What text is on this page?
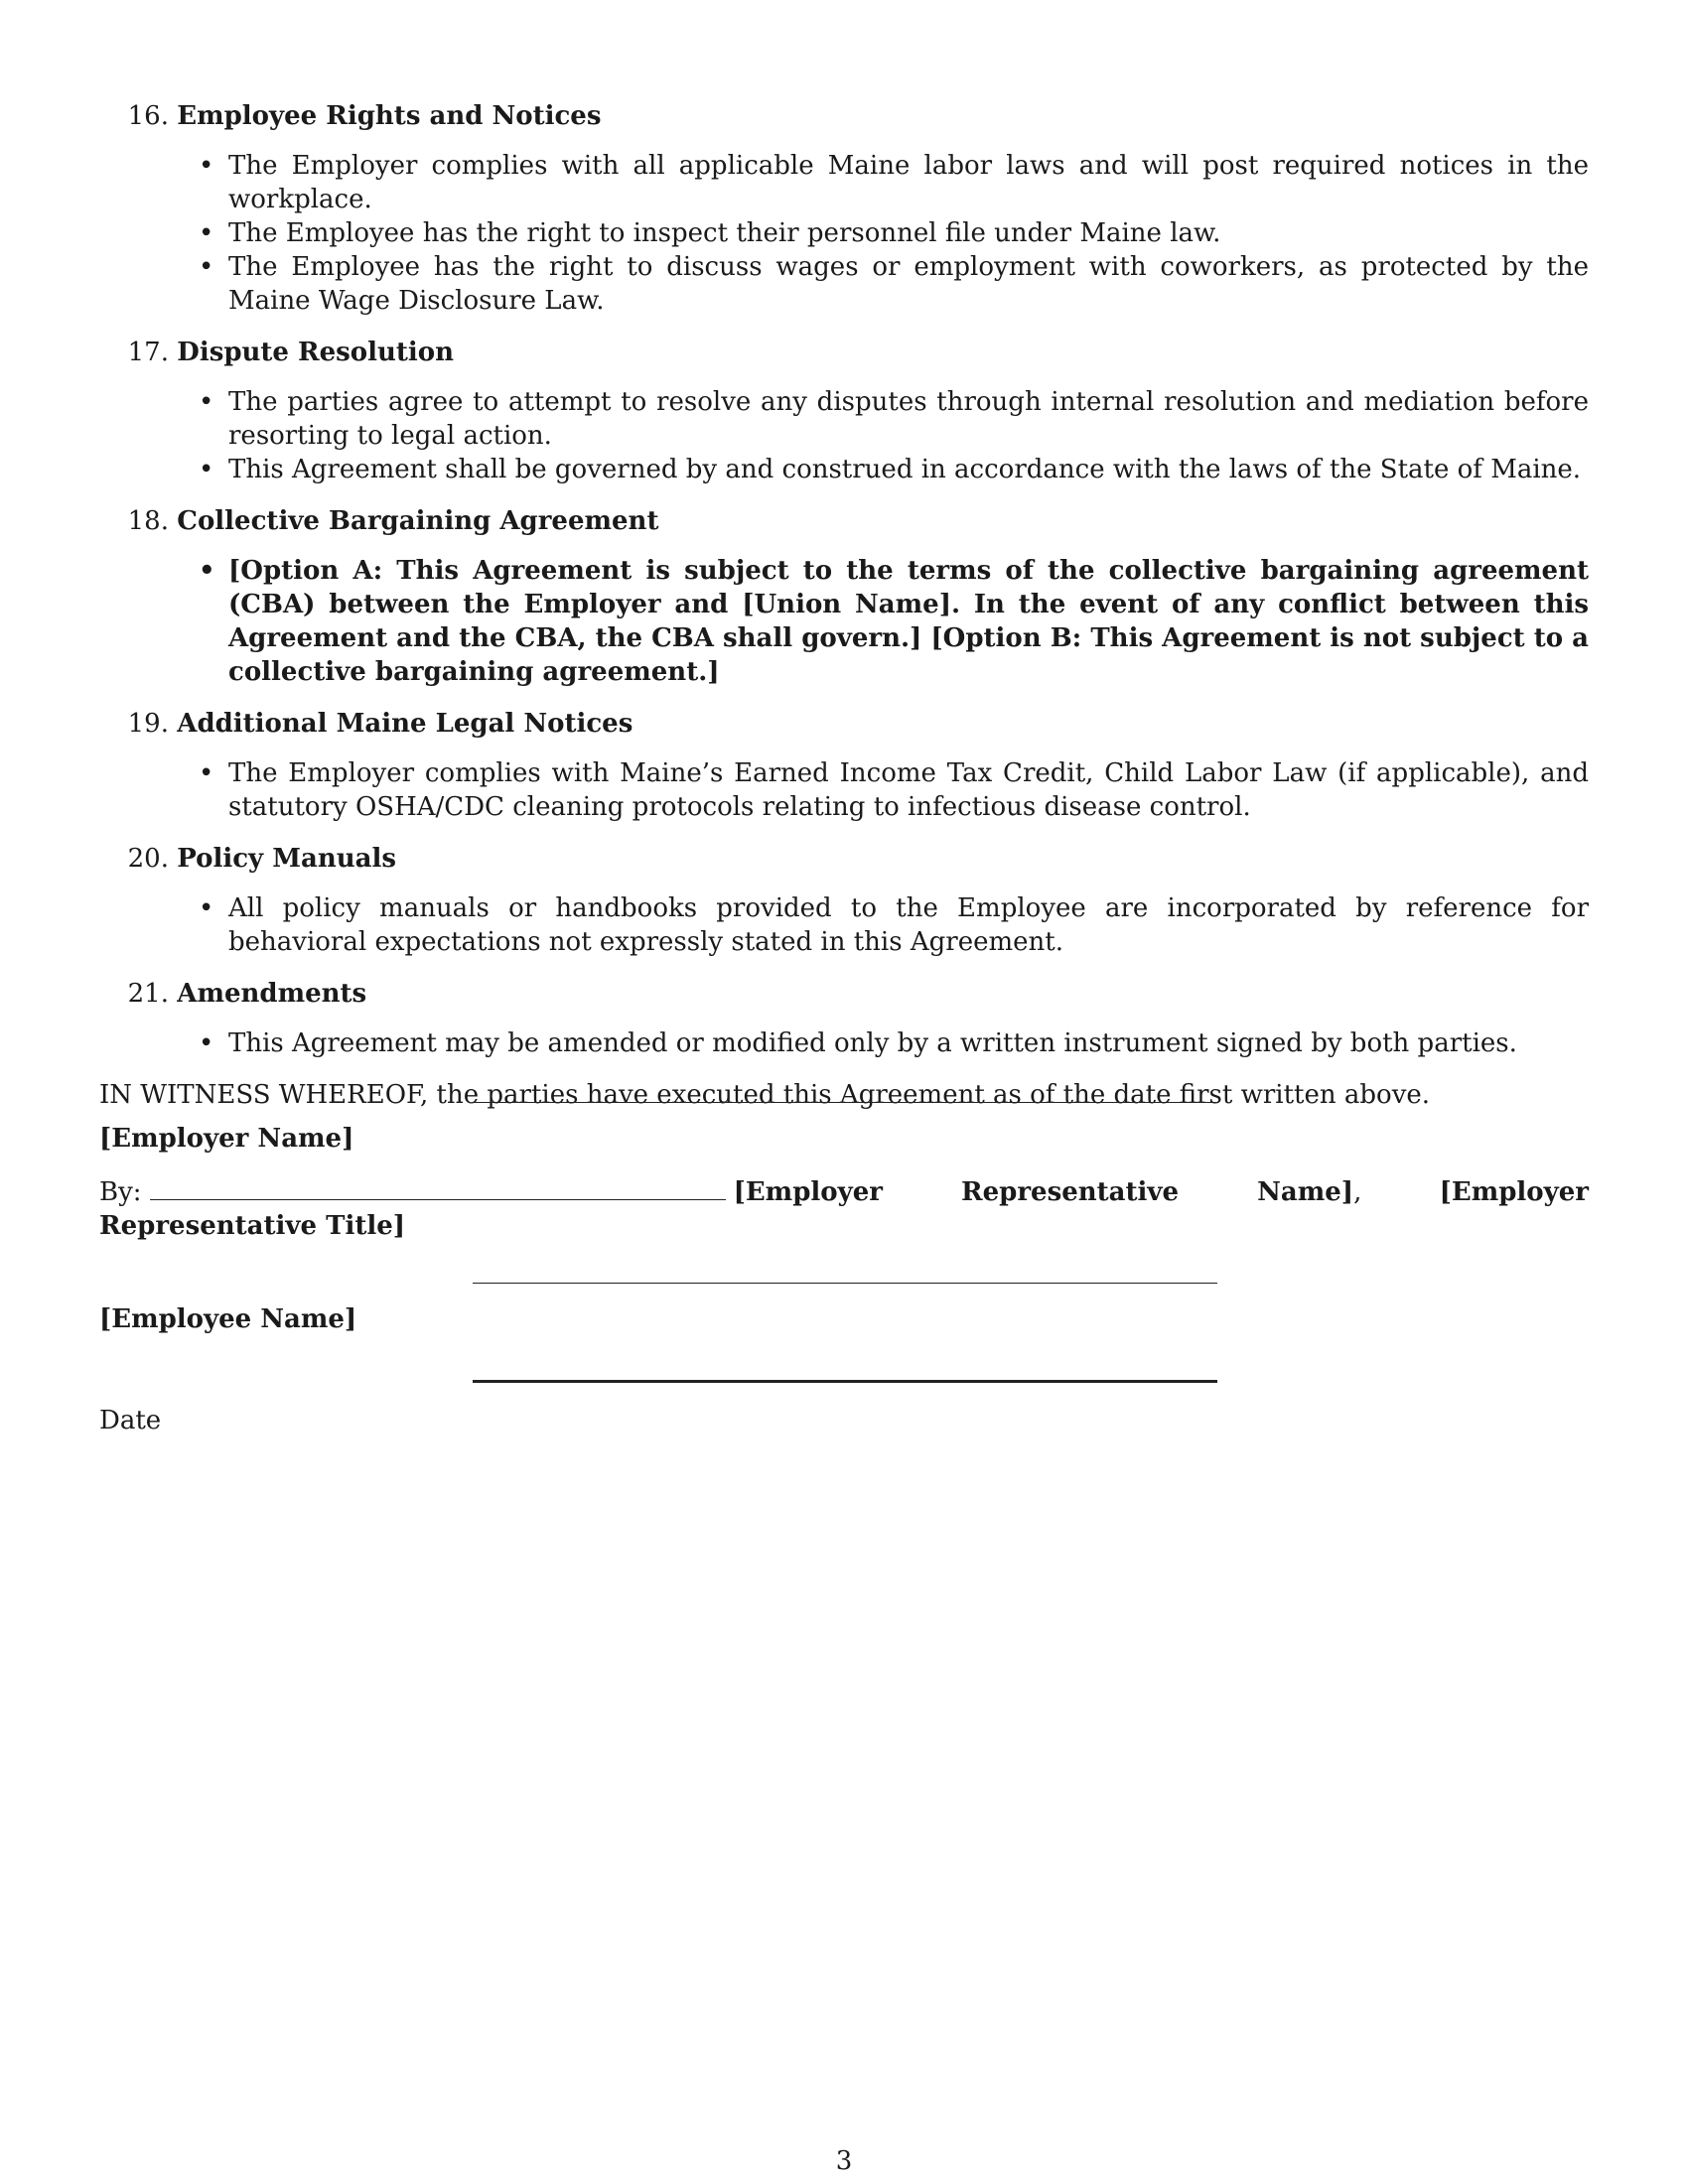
16.
Employee Rights and Notices
• The Employer complies with all applicable Maine labor laws and will post required notices in the workplace.
• The Employee has the right to inspect their personnel file under Maine law.
• The Employee has the right to discuss wages or employment with coworkers, as protected by the Maine Wage Disclosure Law.
17.
Dispute Resolution
• The parties agree to attempt to resolve any disputes through internal resolution and mediation before resorting to legal action.
• This Agreement shall be governed by and construed in accordance with the laws of the State of Maine.
18.
Collective Bargaining Agreement
• [Option A: This Agreement is subject to the terms of the collective bargaining agreement (CBA) between the Employer and [Union Name]. In the event of any conflict between this Agreement and the CBA, the CBA shall govern.] [Option B: This Agreement is not subject to a collective bargaining agreement.]
19.
Additional Maine Legal Notices
• The Employer complies with Maine’s Earned Income Tax Credit, Child Labor Law (if applicable), and statutory OSHA/CDC cleaning protocols relating to infectious disease control.
20.
Policy Manuals
• All policy manuals or handbooks provided to the Employee are incorporated by reference for behavioral expectations not expressly stated in this Agreement.
21.
Amendments
• This Agreement may be amended or modified only by a written instrument signed by both parties.
IN WITNESS WHEREOF, the parties have executed this Agreement as of the date first written above.
[Employer Name]
By:	[Employer Representative Name], [Employer Representative Title]
[Employee Name]
Date
3
